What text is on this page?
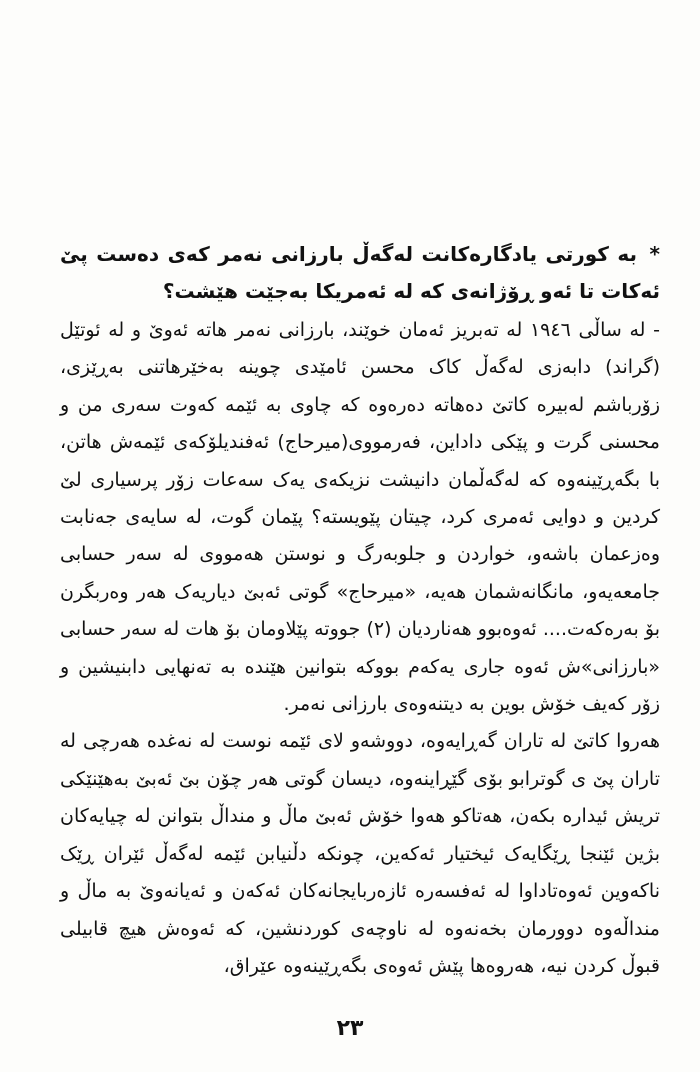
* به کورتی یادگارەکانت لەگەڵ بارزانی نەمر کەی دەست پێ ئەکات تا ئەو ڕۆژانەی کە لە ئەمریکا بەجێت هێشت؟

- لە ساڵی ١٩٤٦ لە تەبریز ئەمان خوێند، بارزانی نەمر هاتە ئەوێ و لە ئوتێل (گراند) دابەزی لەگەڵ کاک محسن ئامێدی چوینە بەخێرهاتنی بەڕێزی، زۆرباشم لەبیرە کاتێ دەهاتە دەرەوە کە چاوی بە ئێمە کەوت سەری من و محسنی گرت و پێکی داداین، فەرمووی(میرحاج) ئەفندیلۆکەی ئێمەش هاتن، با بگەڕێینەوە کە لەگەڵمان دانیشت نزیکەی یەک سەعات زۆر پرسیاری لێ کردین و دوایی ئەمری کرد، چیتان پێویستە؟ پێمان گوت، لە سایەی جەنابت وەزعمان باشەو، خواردن و جلوبەرگ و نوستن هەمووی لە سەر حسابی جامعەیەو، مانگانەشمان هەیە، «میرحاج» گوتی ئەبێ دیاریەک هەر وەربگرن بۆ بەرەکەت.... ئەوەبوو هەناردیان (٢) جووتە پێلاومان بۆ هات لە سەر حسابی «بارزانی»ش ئەوە جاری یەکەم بووکە بتوانین هێندە بە تەنهایی دابنیشین و زۆر کەیف خۆش بوین بە دیتنەوەی بارزانی نەمر.

هەروا کاتێ لە تاران گەڕایەوە، دووشەو لای ئێمە نوست لە نەغدە هەرچی لە تاران پێ ی گوترابو بۆی گێڕاینەوە، دیسان گوتی هەر چۆن بێ ئەبێ بەهێنێکی تریش ئیدارە بکەن، هەتاکو هەوا خۆش ئەبێ ماڵ و منداڵ بتوانن لە چیایەکان بژین ئێنجا ڕێگایەک ئیختیار ئەکەین، چونکە دڵنیابن ئێمە لەگەڵ ئێران ڕێک ناکەوین ئەوەتاداوا لە ئەفسەرە ئازەربایجانەکان ئەکەن و ئەیانەوێ بە ماڵ و منداڵەوە دوورمان بخەنەوە لە ناوچەی کوردنشین، کە ئەوەش هیچ قابیلی قبوڵ کردن نیە، هەروەها پێش ئەوەی بگەڕێینەوە عێراق،

٢٣
